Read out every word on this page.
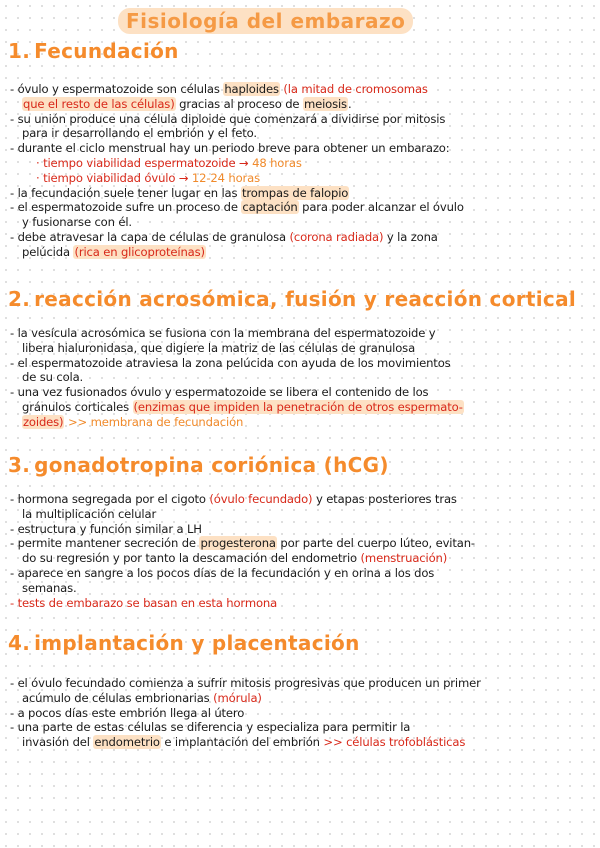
Fisiología del embarazo
1. Fecundación
- óvulo y espermatozoide son células haploides (la mitad de cromosomas
que el resto de las células) gracias al proceso de meiosis.
- su unión produce una célula diploide que comenzará a dividirse por mitosis
para ir desarrollando el embrión y el feto.
- durante el ciclo menstrual hay un periodo breve para obtener un embarazo:
· tiempo viabilidad espermatozoide → 48 horas
· tiempo viabilidad óvulo → 12-24 horas
- la fecundación suele tener lugar en las trompas de falopio
- el espermatozoide sufre un proceso de captación para poder alcanzar el óvulo
y fusionarse con él.
- debe atravesar la capa de células de granulosa (corona radiada) y la zona
pelúcida (rica en glicoproteínas)
2. reacción acrosómica, fusión y reacción cortical
- la vesícula acrosómica se fusiona con la membrana del espermatozoide y
libera hialuronidasa, que digiere la matriz de las células de granulosa
- el espermatozoide atraviesa la zona pelúcida con ayuda de los movimientos
de su cola.
- una vez fusionados óvulo y espermatozoide se libera el contenido de los
gránulos corticales (enzimas que impiden la penetración de otros espermato-
zoides) >> membrana de fecundación
3. gonadotropina coriónica (hCG)
- hormona segregada por el cigoto (óvulo fecundado) y etapas posteriores tras
la multiplicación celular
- estructura y función similar a LH
- permite mantener secreción de progesterona por parte del cuerpo lúteo, evitan-
do su regresión y por tanto la descamación del endometrio (menstruación)
- aparece en sangre a los pocos días de la fecundación y en orina a los dos
semanas.
- tests de embarazo se basan en esta hormona
4. implantación y placentación
- el óvulo fecundado comienza a sufrir mitosis progresivas que producen un primer
acúmulo de células embrionarias (mórula)
- a pocos días este embrión llega al útero
- una parte de estas células se diferencia y especializa para permitir la
invasión del endometrio e implantación del embrión >> células trofoblásticas
